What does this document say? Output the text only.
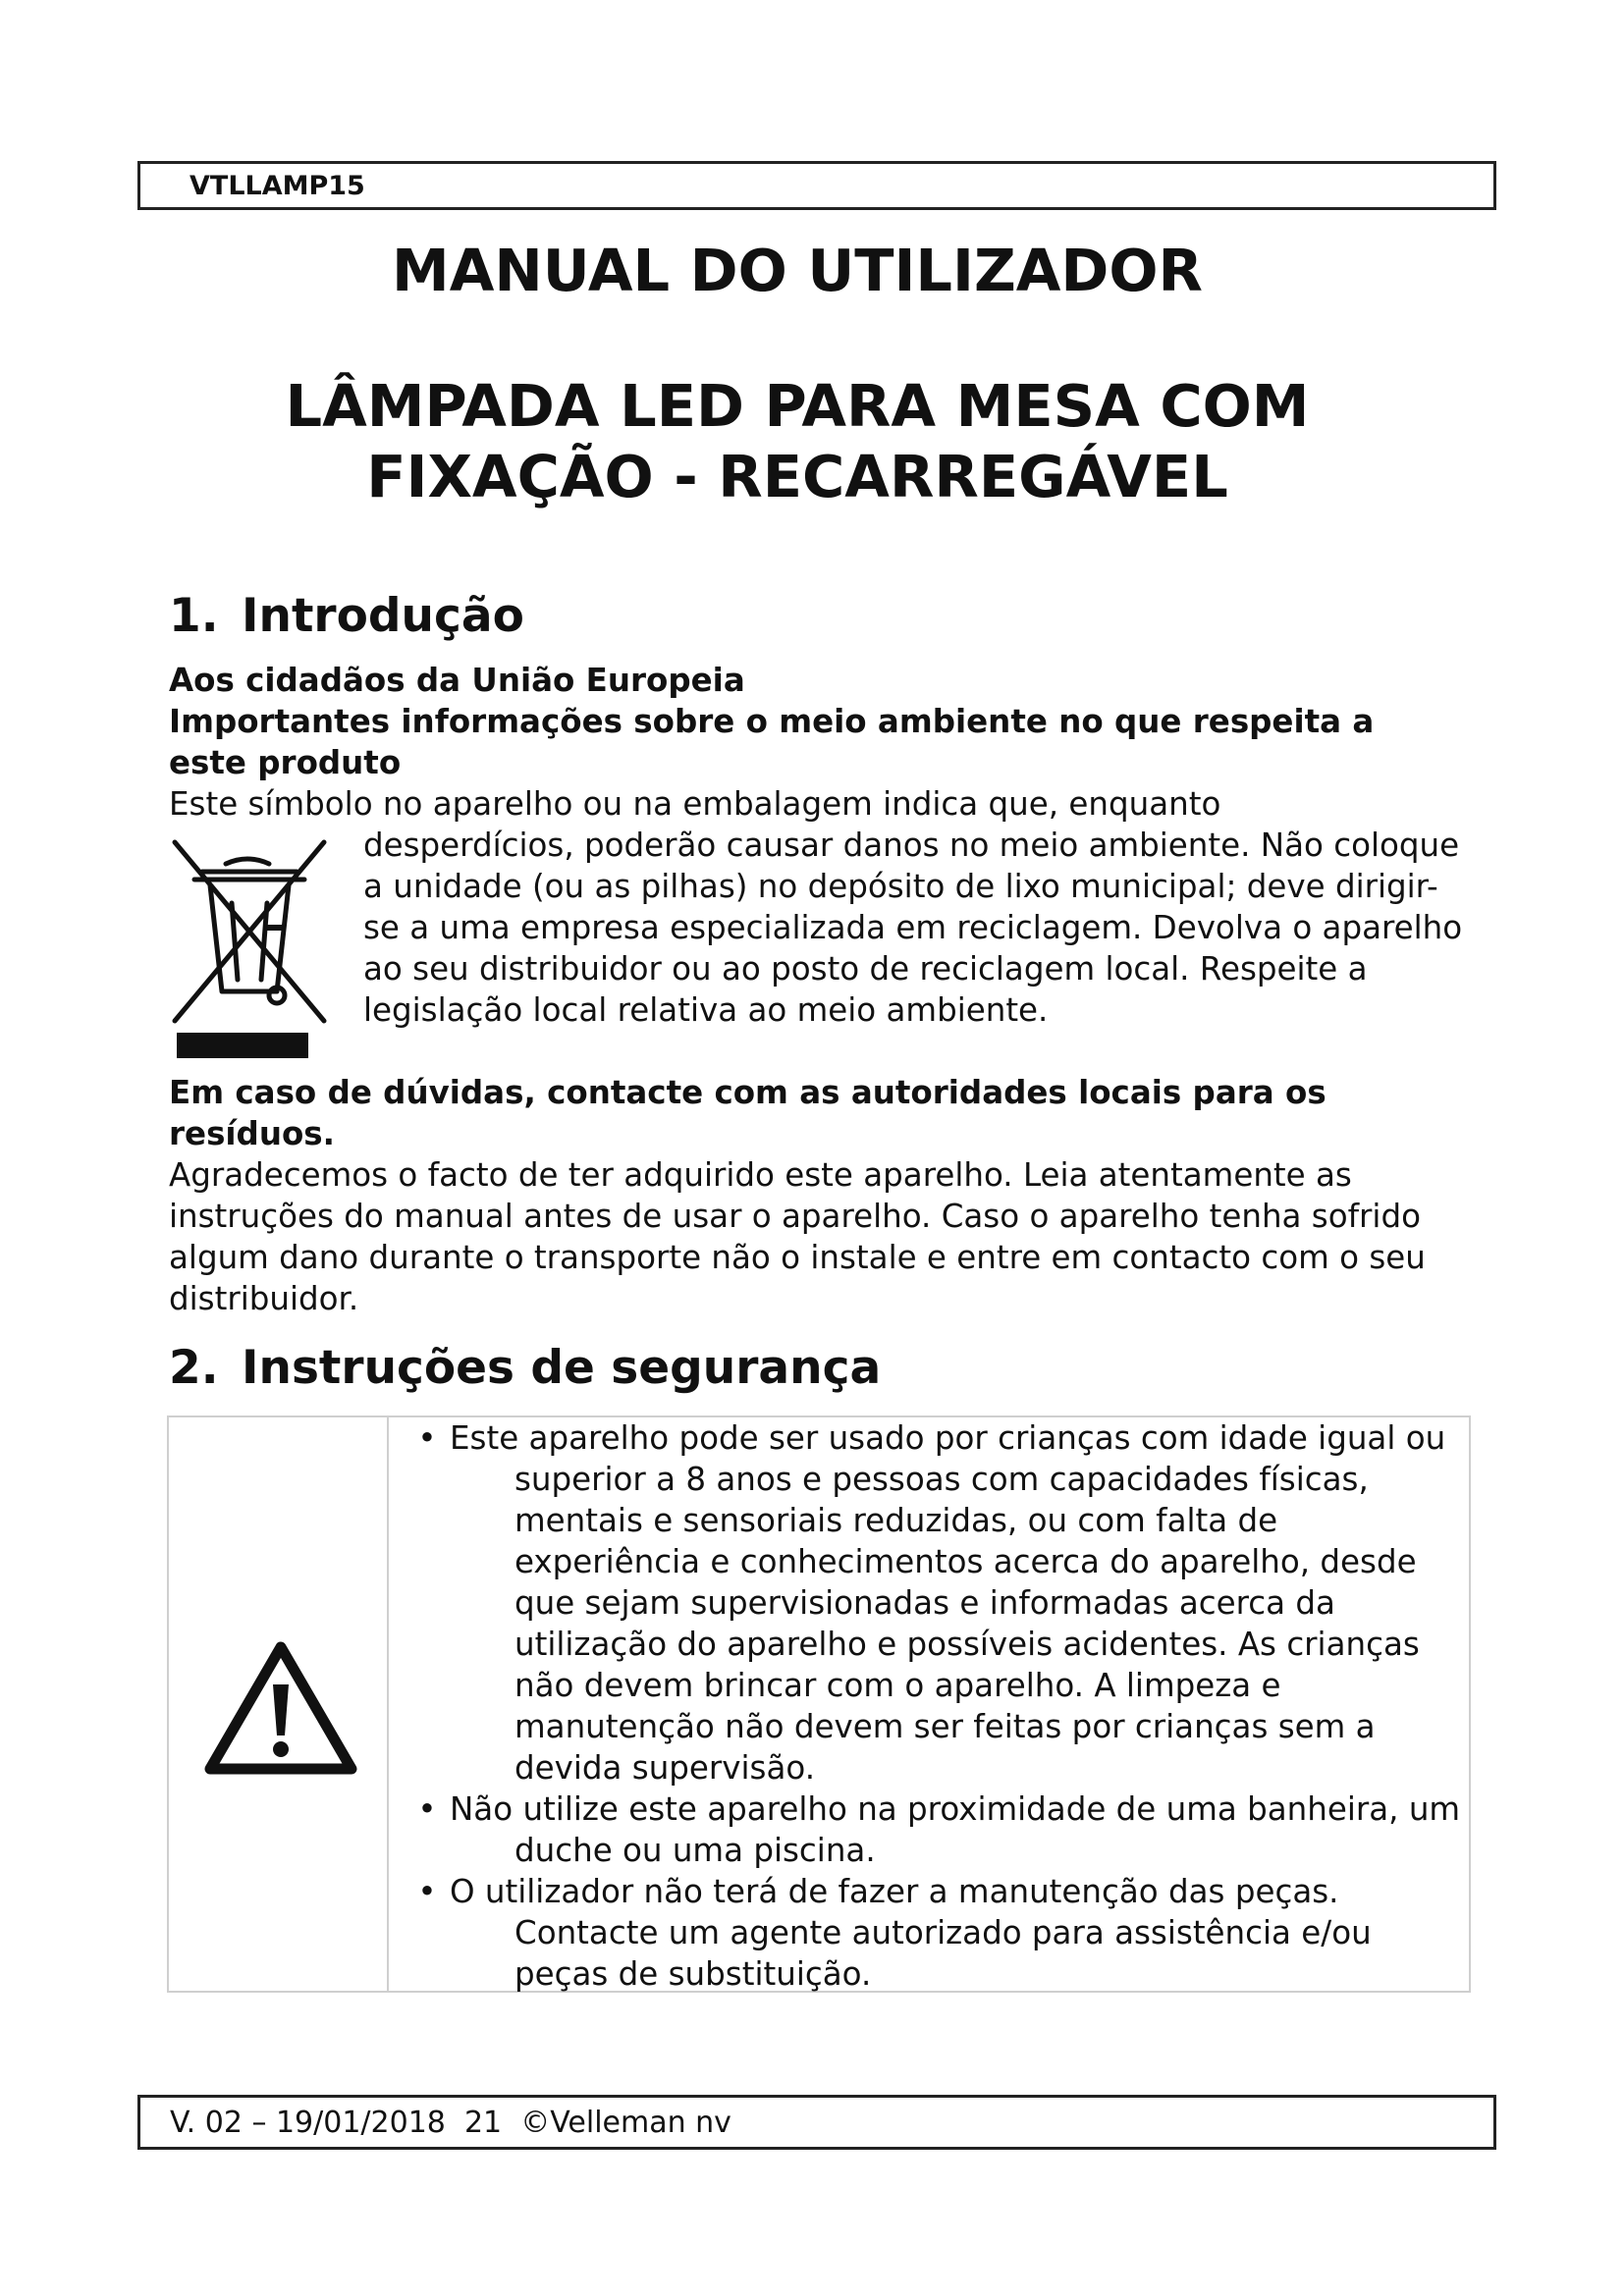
VTLLAMP15
MANUAL DO UTILIZADOR
LÂMPADA LED PARA MESA COM FIXAÇÃO - RECARREGÁVEL
1. Introdução

Aos cidadãos da União Europeia

Importantes informações sobre o meio ambiente no que respeita a este produto

Este símbolo no aparelho ou na embalagem indica que, enquanto

desperdícios, poderão causar danos no meio ambiente. Não coloque a unidade (ou as pilhas) no depósito de lixo municipal; deve dirigir-se a uma empresa especializada em reciclagem. Devolva o aparelho ao seu distribuidor ou ao posto de reciclagem local. Respeite a legislação local relativa ao meio ambiente.

Em caso de dúvidas, contacte com as autoridades locais para os resíduos.

Agradecemos o facto de ter adquirido este aparelho. Leia atentamente as instruções do manual antes de usar o aparelho. Caso o aparelho tenha sofrido algum dano durante o transporte não o instale e entre em contacto com o seu distribuidor.

2. Instruções de segurança
• Este aparelho pode ser usado por crianças com idade igual ou superior a 8 anos e pessoas com capacidades físicas, mentais e sensoriais reduzidas, ou com falta de experiência e conhecimentos acerca do aparelho, desde que sejam supervisionadas e informadas acerca da utilização do aparelho e possíveis acidentes. As crianças não devem brincar com o aparelho. A limpeza e manutenção não devem ser feitas por crianças sem a devida supervisão.
• Não utilize este aparelho na proximidade de uma banheira, um duche ou uma piscina.
• O utilizador não terá de fazer a manutenção das peças. Contacte um agente autorizado para assistência e/ou peças de substituição.
V. 02 – 19/01/2018 21 ©Velleman nv
